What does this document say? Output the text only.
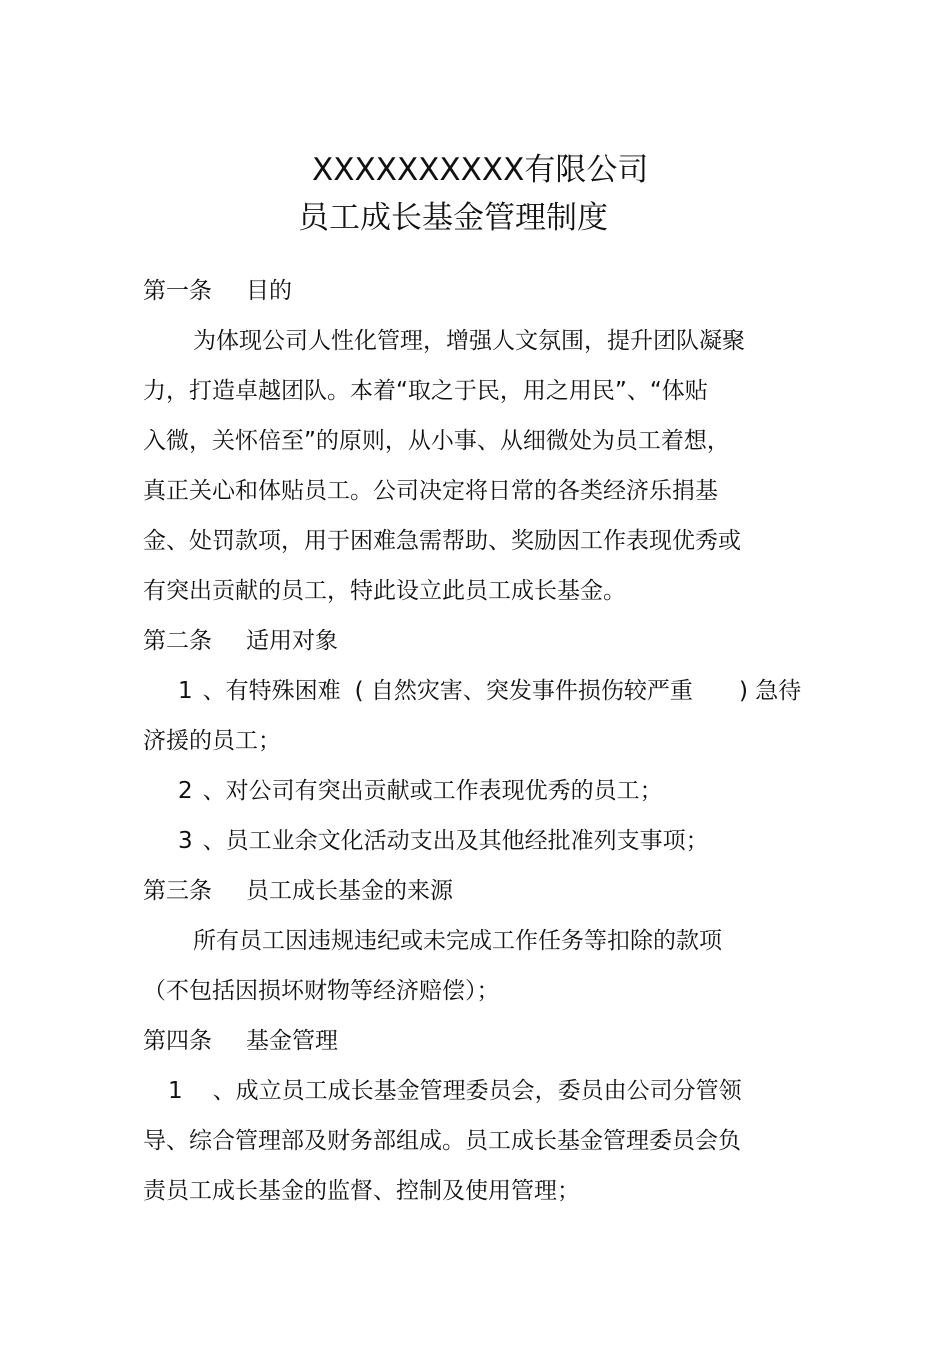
XXXXXXXXXX有限公司
员工成长基金管理制度
第一条 目的
为体现公司人性化管理，增强人文氛围，提升团队凝聚
力，打造卓越团队。本着“取之于民，用之用民”、“体贴
入微，关怀倍至”的原则，从小事、从细微处为员工着想，
真正关心和体贴员工。公司决定将日常的各类经济乐捐基
金、处罚款项，用于困难急需帮助、奖励因工作表现优秀或
有突出贡献的员工，特此设立此员工成长基金。
第二条 适用对象
1 、有特殊困难 ( 自然灾害、突发事件损伤较严重 ) 急待
济援的员工；
2 、对公司有突出贡献或工作表现优秀的员工；
3 、员工业余文化活动支出及其他经批准列支事项；
第三条 员工成长基金的来源
所有员工因违规违纪或未完成工作任务等扣除的款项
（不包括因损坏财物等经济赔偿）；
第四条 基金管理
1 、成立员工成长基金管理委员会，委员由公司分管领
导、综合管理部及财务部组成。员工成长基金管理委员会负
责员工成长基金的监督、控制及使用管理；
